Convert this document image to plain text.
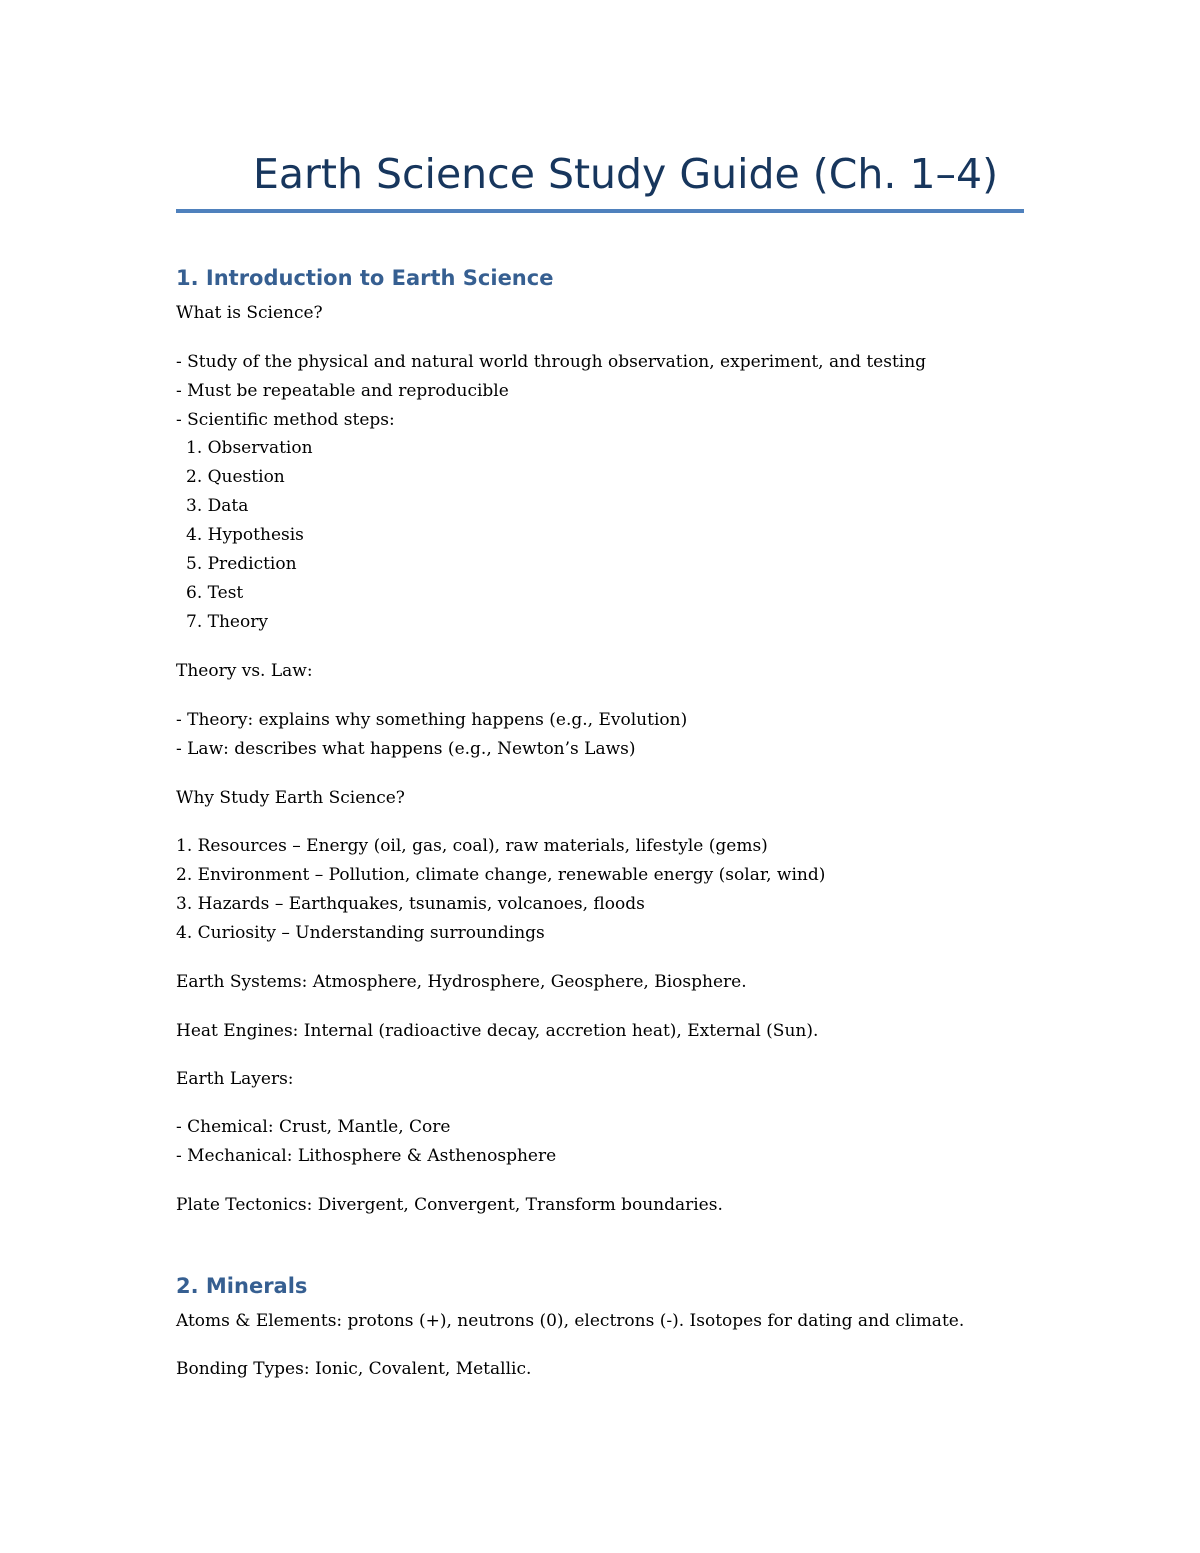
Earth Science Study Guide (Ch. 1–4)
1. Introduction to Earth Science

What is Science?

- Study of the physical and natural world through observation, experiment, and testing

- Must be repeatable and reproducible

- Scientific method steps:

1. Observation

2. Question

3. Data

4. Hypothesis

5. Prediction

6. Test

7. Theory

Theory vs. Law:

- Theory: explains why something happens (e.g., Evolution)

- Law: describes what happens (e.g., Newton’s Laws)

Why Study Earth Science?

1. Resources – Energy (oil, gas, coal), raw materials, lifestyle (gems)

2. Environment – Pollution, climate change, renewable energy (solar, wind)

3. Hazards – Earthquakes, tsunamis, volcanoes, floods

4. Curiosity – Understanding surroundings

Earth Systems: Atmosphere, Hydrosphere, Geosphere, Biosphere.

Heat Engines: Internal (radioactive decay, accretion heat), External (Sun).

Earth Layers:

- Chemical: Crust, Mantle, Core

- Mechanical: Lithosphere & Asthenosphere

Plate Tectonics: Divergent, Convergent, Transform boundaries.

2. Minerals

Atoms & Elements: protons (+), neutrons (0), electrons (-). Isotopes for dating and climate.

Bonding Types: Ionic, Covalent, Metallic.
